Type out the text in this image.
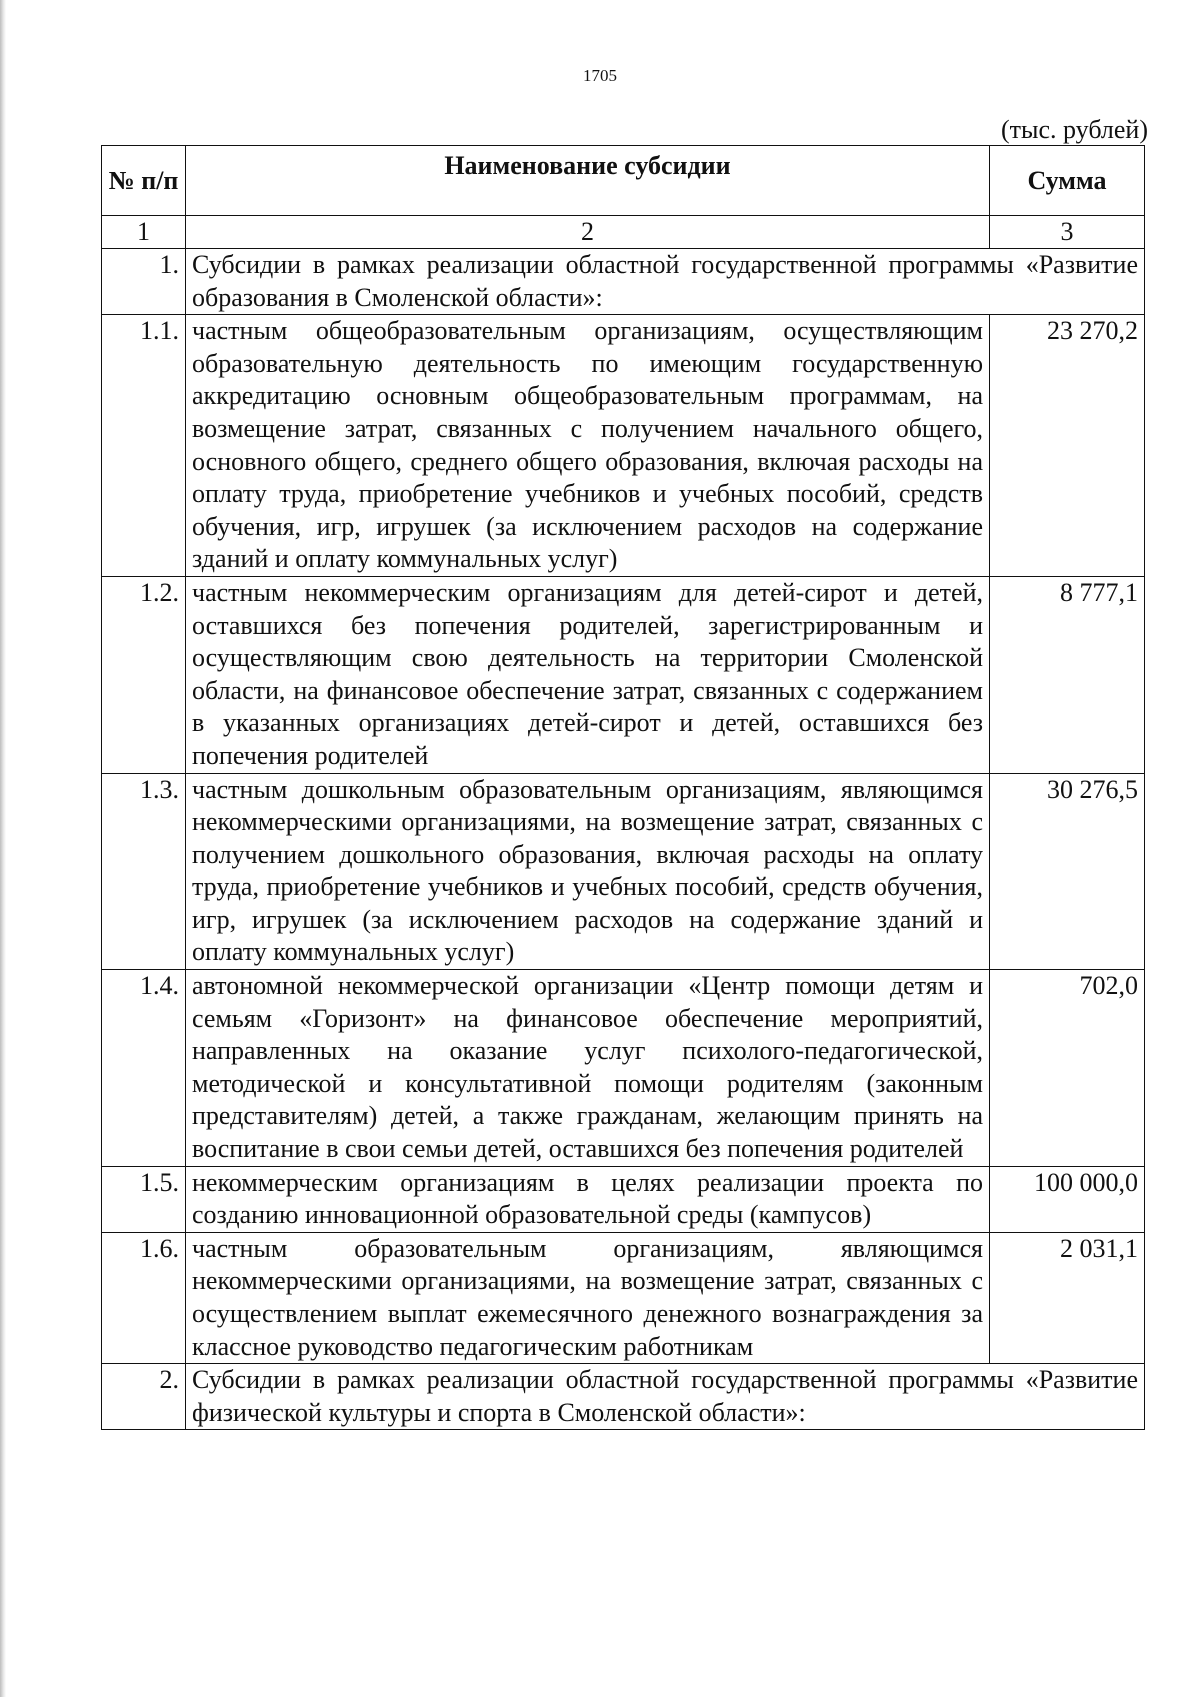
1705
(тыс. рублей)
№ п/п	Наименование субсидии	Сумма
1	2	3
1.	Субсидии в рамках реализации областной государственной программы «Развитие образования в Смоленской области»:	
1.1.	частным общеобразовательным организациям, осуществляющим образовательную деятельность по имеющим государственную аккредитацию основным общеобразовательным программам, на возмещение затрат, связанных с получением начального общего, основного общего, среднего общего образования, включая расходы на оплату труда, приобретение учебников и учебных пособий, средств обучения, игр, игрушек (за исключением расходов на содержание зданий и оплату коммунальных услуг)	23 270,2
1.2.	частным некоммерческим организациям для детей-сирот и детей, оставшихся без попечения родителей, зарегистрированным и осуществляющим свою деятельность на территории Смоленской области, на финансовое обеспечение затрат, связанных с содержанием в указанных организациях детей-сирот и детей, оставшихся без попечения родителей	8 777,1
1.3.	частным дошкольным образовательным организациям, являющимся некоммерческими организациями, на возмещение затрат, связанных с получением дошкольного образования, включая расходы на оплату труда, приобретение учебников и учебных пособий, средств обучения, игр, игрушек (за исключением расходов на содержание зданий и оплату коммунальных услуг)	30 276,5
1.4.	автономной некоммерческой организации «Центр помощи детям и семьям «Горизонт» на финансовое обеспечение мероприятий, направленных на оказание услуг психолого-педагогической, методической и консультативной помощи родителям (законным представителям) детей, а также гражданам, желающим принять на воспитание в свои семьи детей, оставшихся без попечения родителей	702,0
1.5.	некоммерческим организациям в целях реализации проекта по созданию инновационной образовательной среды (кампусов)	100 000,0
1.6.	частным образовательным организациям, являющимся некоммерческими организациями, на возмещение затрат, связанных с осуществлением выплат ежемесячного денежного вознаграждения за классное руководство педагогическим работникам	2 031,1
2.	Субсидии в рамках реализации областной государственной программы «Развитие физической культуры и спорта в Смоленской области»:	
